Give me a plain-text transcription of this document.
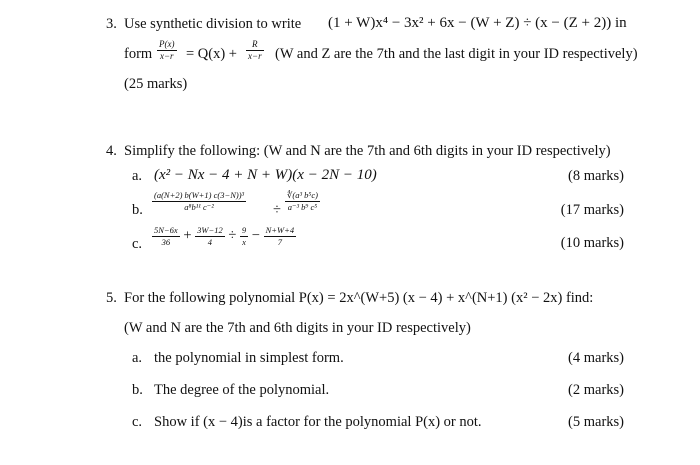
3. Use synthetic division to write (1 + W)x⁴ − 3x² + 6x − (W + Z) ÷ (x − (Z + 2)) in
form $\frac{P(x)}{x-r} = Q(x) + \frac{R}{x-r} (W$ and Z are the 7th and the last digit in your ID respectively)
(25 marks)
4. Simplify the following: (W and N are the 7th and 6th digits in your ID respectively)
a. (x² − Nx − 4 + N + W)(x − 2N − 10)	(8 marks)
b. $\frac{\text{(a(N+2) b(W+1) c(3−N))³}}{\text{a⁸b¹¹ c⁻²}} \div \frac{\text{∜(a³ b⁵c)}}{\text{a⁻³ b⁹ c⁵}}$	(17 marks)
c. $\frac{5N-6x}{36} + \frac{3W-12}{4} \div \frac{9}{x} - \frac{N+W+4}{7}$	(10 marks)
5. For the following polynomial P(x) = 2x^(W+5) (x − 4) + x^(N+1) (x² − 2x) find:
(W and N are the 7th and 6th digits in your ID respectively)
a. the polynomial in simplest form.	(4 marks)
b. The degree of the polynomial.	(2 marks)
c. Show if (x − 4)is a factor for the polynomial P(x) or not.	(5 marks)
